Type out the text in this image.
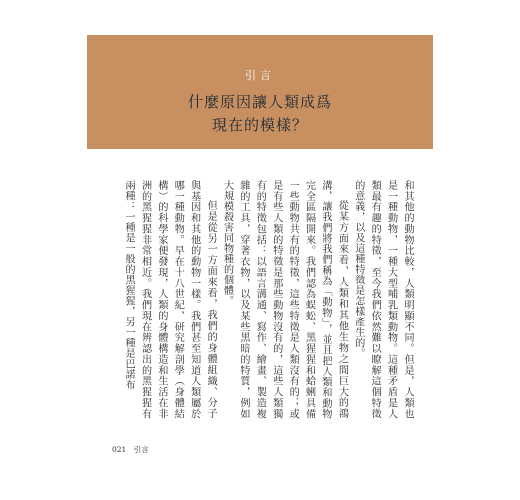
引言
什麼原因讓人類成爲
現在的模樣？

和其他的動物比較，人類明顯不同。但是，人類也是一種動物，一種大型哺乳類動物。這種矛盾是人類最有趣的特徵，至今我們依然難以瞭解這個特徵的意義，以及這種特徵是怎樣產生的。

從某方面來看，人類和其他生物之間巨大的鴻溝，讓我們將我們稱為「動物」，並且把人類和動物完全區隔開來。我們認為蜈蚣、黑猩猩和蛤蜊具備一些動物共有的特徵，這些特徵是人類沒有的；或是有些人類的特徵是那些動物沒有的，這些人類獨有的特徵包括：以語言溝通、寫作、繪畫、製造複雜的工具，穿著衣物，以及某些黑暗的特質，例如大規模殺害同物種的個體。

但是從另一方面來看，我們的身體組織、分子與基因和其他的動物一樣。我們甚至知道人類屬於哪一種動物。早在十八世紀，研究解剖學（身體結構）的科學家便發現，人類的身體構造和生活在非洲的黑猩猩非常相近。我們現在辨認出的黑猩猩有兩種：一種是一般的黑猩猩，另一種是巴諾布

021 引言
